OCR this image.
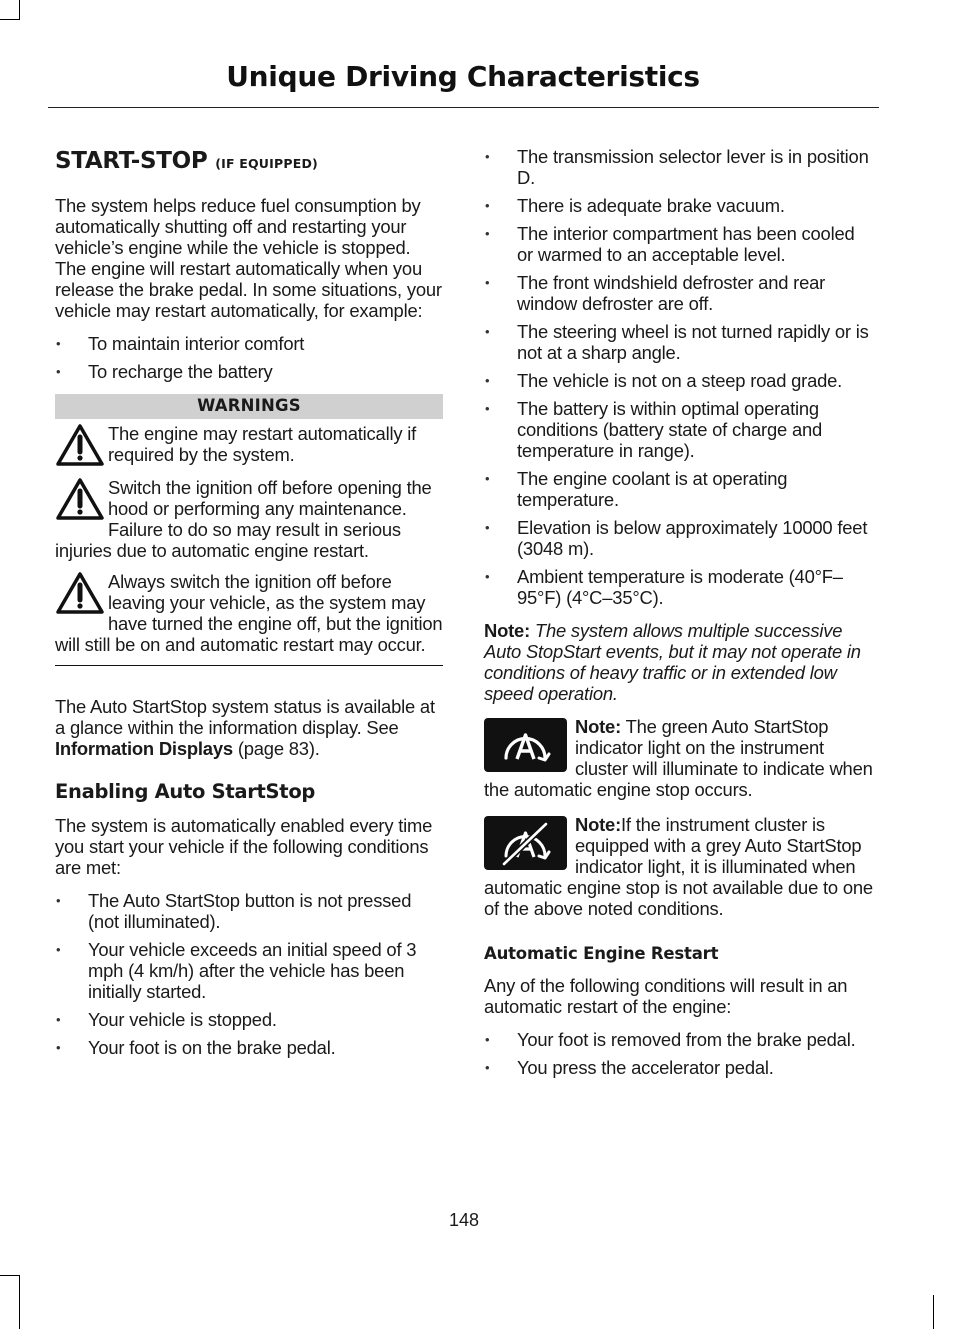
Unique Driving Characteristics
START-STOP (IF EQUIPPED)

The system helps reduce fuel consumption by automatically shutting off and restarting your vehicle’s engine while the vehicle is stopped. The engine will restart automatically when you release the brake pedal. In some situations, your vehicle may restart automatically, for example:

• To maintain interior comfort
• To recharge the battery
WARNINGS
The engine may restart automatically if required by the system.
Switch the ignition off before opening the hood or performing any maintenance. Failure to do so may result in serious injuries due to automatic engine restart.
Always switch the ignition off before leaving your vehicle, as the system may have turned the engine off, but the ignition will still be on and automatic restart may occur.

The Auto StartStop system status is available at a glance within the information display. See Information Displays (page 83).

Enabling Auto StartStop

The system is automatically enabled every time you start your vehicle if the following conditions are met:

• The Auto StartStop button is not pressed (not illuminated).
• Your vehicle exceeds an initial speed of 3 mph (4 km/h) after the vehicle has been initially started.
• Your vehicle is stopped.
• Your foot is on the brake pedal.
• The transmission selector lever is in position D.
• There is adequate brake vacuum.
• The interior compartment has been cooled or warmed to an acceptable level.
• The front windshield defroster and rear window defroster are off.
• The steering wheel is not turned rapidly or is not at a sharp angle.
• The vehicle is not on a steep road grade.
• The battery is within optimal operating conditions (battery state of charge and temperature in range).
• The engine coolant is at operating temperature.
• Elevation is below approximately 10000 feet (3048 m).
• Ambient temperature is moderate (40°F–95°F) (4°C–35°C).

Note: The system allows multiple successive Auto StopStart events, but it may not operate in conditions of heavy traffic or in extended low speed operation.

Note: The green Auto StartStop indicator light on the instrument cluster will illuminate to indicate when the automatic engine stop occurs.
Note:If the instrument cluster is equipped with a grey Auto StartStop indicator light, it is illuminated when automatic engine stop is not available due to one of the above noted conditions.
Automatic Engine Restart

Any of the following conditions will result in an automatic restart of the engine:

• Your foot is removed from the brake pedal.
• You press the accelerator pedal.
148
